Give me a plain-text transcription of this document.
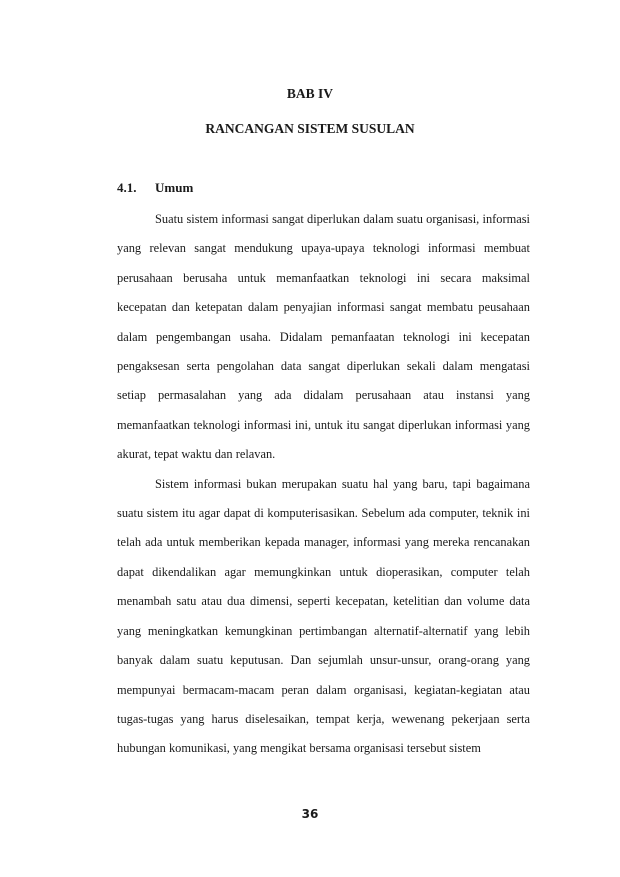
BAB IV
RANCANGAN SISTEM SUSULAN
4.1.	Umum

Suatu sistem informasi sangat diperlukan dalam suatu organisasi, informasi yang relevan sangat mendukung upaya-upaya teknologi informasi membuat perusahaan berusaha untuk memanfaatkan teknologi ini secara maksimal kecepatan dan ketepatan dalam penyajian informasi sangat membatu peusahaan dalam pengembangan usaha. Didalam pemanfaatan teknologi ini kecepatan pengaksesan serta pengolahan data sangat diperlukan sekali dalam mengatasi setiap permasalahan yang ada didalam perusahaan atau instansi yang memanfaatkan teknologi informasi ini, untuk itu sangat diperlukan informasi yang akurat, tepat waktu dan relavan.

Sistem informasi bukan merupakan suatu hal yang baru, tapi bagaimana suatu sistem itu agar dapat di komputerisasikan. Sebelum ada computer, teknik ini telah ada untuk memberikan kepada manager, informasi yang mereka rencanakan dapat dikendalikan agar memungkinkan untuk dioperasikan, computer telah menambah satu atau dua dimensi, seperti kecepatan, ketelitian dan volume data yang meningkatkan kemungkinan pertimbangan alternatif-alternatif yang lebih banyak dalam suatu keputusan. Dan sejumlah unsur-unsur, orang-orang yang mempunyai bermacam-macam peran dalam organisasi, kegiatan-kegiatan atau tugas-tugas yang harus diselesaikan, tempat kerja, wewenang pekerjaan serta hubungan komunikasi, yang mengikat bersama organisasi tersebut sistem

36
